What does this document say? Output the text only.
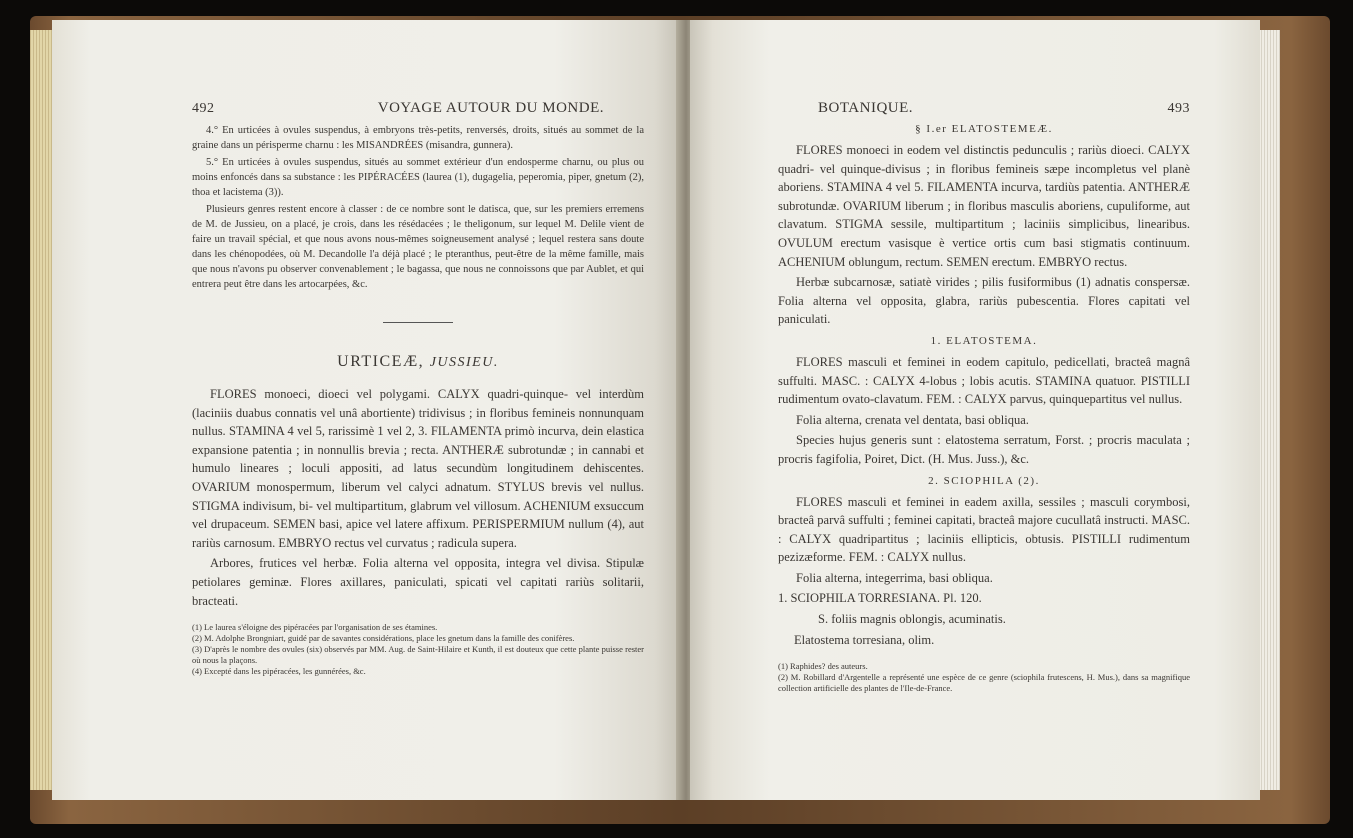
492	VOYAGE AUTOUR DU MONDE.

4.° En urticées à ovules suspendus, à embryons très-petits, renversés, droits, situés au sommet de la graine dans un périsperme charnu : les MISANDRÉES (misandra, gunnera).

5.° En urticées à ovules suspendus, situés au sommet extérieur d'un endosperme charnu, ou plus ou moins enfoncés dans sa substance : les PIPÉRACÉES (laurea (1), dugagelia, peperomia, piper, gnetum (2), thoa et lacistema (3)).

Plusieurs genres restent encore à classer : de ce nombre sont le datisca, que, sur les premiers erremens de M. de Jussieu, on a placé, je crois, dans les résédacées ; le theligonum, sur lequel M. Delile vient de faire un travail spécial, et que nous avons nous-mêmes soigneusement analysé ; lequel restera sans doute dans les chénopodées, où M. Decandolle l'a déjà placé ; le pteranthus, peut-être de la même famille, mais que nous n'avons pu observer convenablement ; le bagassa, que nous ne connoissons que par Aublet, et qui entrera peut être dans les artocarpées, &c.

URTICEÆ, JUSSIEU.

FLORES monoeci, dioeci vel polygami. CALYX quadri-quinque- vel interdùm (laciniis duabus connatis vel unâ abortiente) tridivisus ; in floribus femineis nonnunquam nullus. STAMINA 4 vel 5, rarissimè 1 vel 2, 3. FILAMENTA primò incurva, dein elastica expansione patentia ; in nonnullis brevia ; recta. ANTHERÆ subrotundæ ; in cannabi et humulo lineares ; loculi appositi, ad latus secundùm longitudinem dehiscentes. OVARIUM monospermum, liberum vel calyci adnatum. STYLUS brevis vel nullus. STIGMA indivisum, bi- vel multipartitum, glabrum vel villosum. ACHENIUM exsuccum vel drupaceum. SEMEN basi, apice vel latere affixum. PERISPERMIUM nullum (4), aut rariùs carnosum. EMBRYO rectus vel curvatus ; radicula supera.

Arbores, frutices vel herbæ. Folia alterna vel opposita, integra vel divisa. Stipulæ petiolares geminæ. Flores axillares, paniculati, spicati vel capitati rariùs solitarii, bracteati.

(1) Le laurea s'éloigne des pipéracées par l'organisation de ses étamines.

(2) M. Adolphe Brongniart, guidé par de savantes considérations, place les gnetum dans la famille des conifères.

(3) D'après le nombre des ovules (six) observés par MM. Aug. de Saint-Hilaire et Kunth, il est douteux que cette plante puisse rester où nous la plaçons.

(4) Excepté dans les pipéracées, les gunnérées, &c.

BOTANIQUE.	493
§ I.er ELATOSTEMEÆ.

FLORES monoeci in eodem vel distinctis pedunculis ; rariùs dioeci. CALYX quadri- vel quinque-divisus ; in floribus femineis sæpe incompletus vel planè aboriens. STAMINA 4 vel 5. FILAMENTA incurva, tardiùs patentia. ANTHERÆ subrotundæ. OVARIUM liberum ; in floribus masculis aboriens, cupuliforme, aut clavatum. STIGMA sessile, multipartitum ; laciniis simplicibus, linearibus. OVULUM erectum vasisque è vertice ortis cum basi stigmatis continuum. ACHENIUM oblungum, rectum. SEMEN erectum. EMBRYO rectus.

Herbæ subcarnosæ, satiatè virides ; pilis fusiformibus (1) adnatis conspersæ. Folia alterna vel opposita, glabra, rariùs pubescentia. Flores capitati vel paniculati.

1. ELATOSTEMA.

FLORES masculi et feminei in eodem capitulo, pedicellati, bracteâ magnâ suffulti. MASC. : CALYX 4-lobus ; lobis acutis. STAMINA quatuor. PISTILLI rudimentum ovato-clavatum. FEM. : CALYX parvus, quinquepartitus vel nullus.

Folia alterna, crenata vel dentata, basi obliqua.

Species hujus generis sunt : elatostema serratum, Forst. ; procris maculata ; procris fagifolia, Poiret, Dict. (H. Mus. Juss.), &c.

2. SCIOPHILA (2).

FLORES masculi et feminei in eadem axilla, sessiles ; masculi corymbosi, bracteâ parvâ suffulti ; feminei capitati, bracteâ majore cucullatâ instructi. MASC. : CALYX quadripartitus ; laciniis ellipticis, obtusis. PISTILLI rudimentum pezizæforme. FEM. : CALYX nullus.

Folia alterna, integerrima, basi obliqua.

1. SCIOPHILA TORRESIANA. Pl. 120.

S. foliis magnis oblongis, acuminatis.

Elatostema torresiana, olim.

(1) Raphides? des auteurs.

(2) M. Robillard d'Argentelle a représenté une espèce de ce genre (sciophila frutescens, H. Mus.), dans sa magnifique collection artificielle des plantes de l'Ile-de-France.
